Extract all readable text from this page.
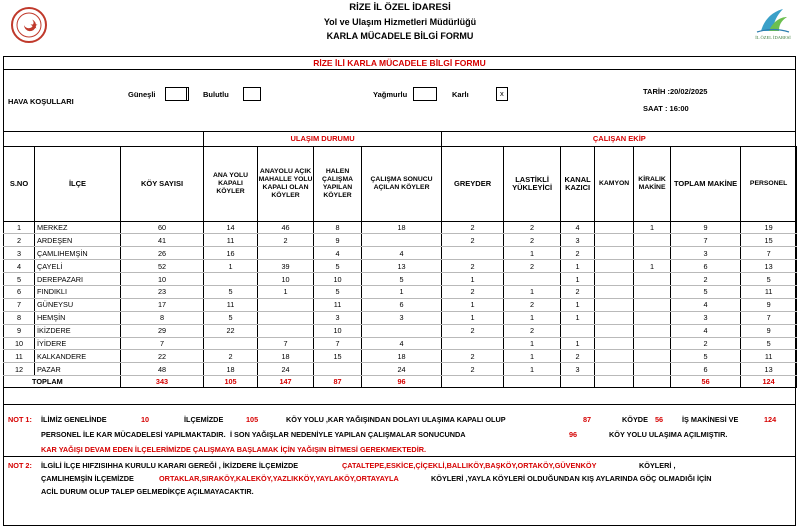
RİZE İL ÖZEL İDARESİ
Yol ve Ulaşım Hizmetleri Müdürlüğü
KARLA MÜCADELE BİLGİ FORMU	İL ÖZEL İDARESİ
RİZE İLİ KARLA MÜCADELE BİLGİ FORMU
HAVA KOŞULLARI
Güneşli	Bulutlu	Yağmurlu	Karlı	x	TARİH :20/02/2025
SAAT : 16:00
			ULAŞIM DURUMU				ÇALIŞAN EKİP						
S.NO	İLÇE	KÖY SAYISI	ANA YOLU KAPALI KÖYLER	ANAYOLU AÇIK MAHALLE YOLU KAPALI OLAN KÖYLER	HALEN ÇALIŞMA YAPILAN KÖYLER	ÇALIŞMA SONUCU AÇILAN KÖYLER	GREYDER	LASTİKLİ YÜKLEYİCİ	KANAL KAZICI	KAMYON	KİRALIK MAKİNE	TOPLAM MAKİNE	PERSONEL
1	MERKEZ	60	14	46	8	18	2	2	4		1	9	19
2	ARDEŞEN	41	11	2	9		2	2	3			7	15
3	ÇAMLIHEMŞİN	26	16		4	4		1	2			3	7
4	ÇAYELİ	52	1	39	5	13	2	2	1		1	6	13
5	DEREPAZARI	10		10	10	5	1		1			2	5
6	FINDIKLI	23	5	1	5	1	2	1	2			5	11
7	GÜNEYSU	17	11		11	6	1	2	1			4	9
8	HEMŞİN	8	5		3	3	1	1	1			3	7
9	İKİZDERE	29	22		10		2	2				4	9
10	İYİDERE	7		7	7	4		1	1			2	5
11	KALKANDERE	22	2	18	15	18	2	1	2			5	11
12	PAZAR	48	18	24		24	2	1	3			6	13
TOPLAM		343	105	147	87	96						56	124
NOT 1: İLİMİZ GENELİNDE	10	İLÇEMİZDE	105	KÖY YOLU ,KAR YAĞIŞINDAN DOLAYI ULAŞIMA KAPALI OLUP	87	KÖYDE 56	İŞ MAKİNESİ VE	124
PERSONEL İLE KAR MÜCADELESİ YAPILMAKTADIR. İ SON YAĞIŞLAR NEDENİYLE YAPILAN ÇALIŞMALAR SONUCUNDA	96	KÖY YOLU ULAŞIMA AÇILMIŞTIR.
KAR YAĞIŞI DEVAM EDEN İLÇELERİMİZDE ÇALIŞMAYA BAŞLAMAK İÇİN YAĞIŞIN BİTMESİ GEREKMEKTEDİR.
NOT 2: İLGİLİ İLÇE HIFZISIHHA KURULU KARARI GEREĞİ , İKİZDERE İLÇEMİZDE	ÇATALTEPE,ESKİCE,ÇİÇEKLİ,BALLIKÖY,BAŞKÖY,ORTAKÖY,GÜVENKÖY	KÖYLERİ ,
ÇAMLIHEMŞİN İLÇEMİZDE	ORTAKLAR,SIRAKÖY,KALEKÖY,YAZLIKKÖY,YAYLAKÖY,ORTAYAYLA	KÖYLERİ ,YAYLA KÖYLERİ OLDUĞUNDAN KIŞ AYLARINDA GÖÇ OLMADIĞI İÇİN
ACİL DURUM OLUP TALEP GELMEDİKÇE AÇILMAYACAKTIR.
